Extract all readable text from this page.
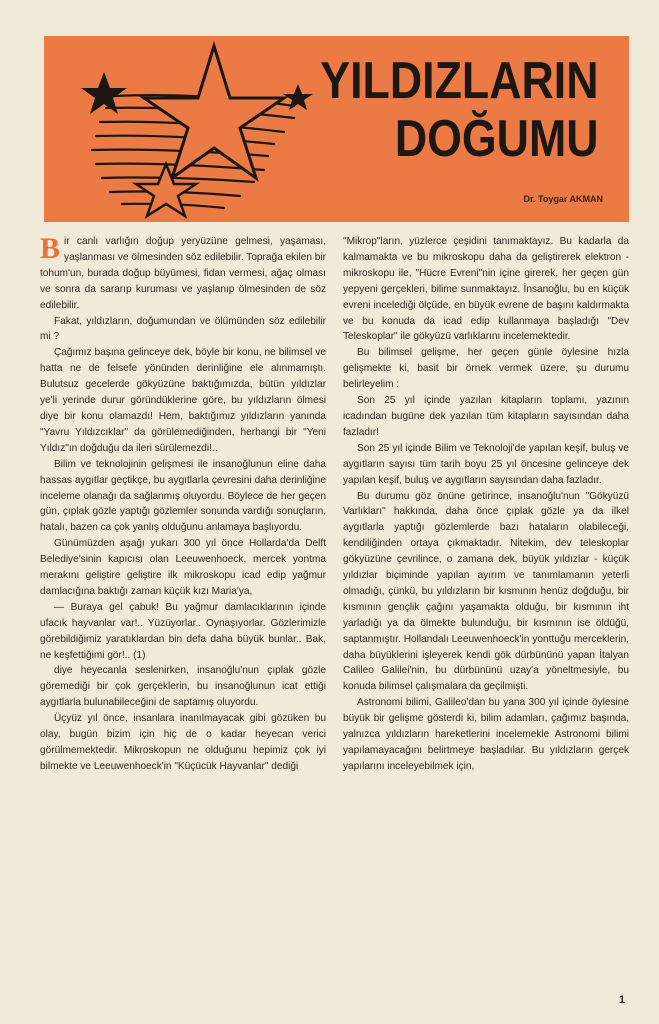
YILDIZLARIN
DOĞUMU
Dr. Toygar AKMAN

Bir canlı varlığın doğup yeryüzüne gelmesi, yaşaması, yaşlanması ve ölmesinden söz edilebilir. Toprağa ekilen bir tohum'un, burada doğup büyümesi, fidan vermesi, ağaç olması ve sonra da sararıp kuruması ve yaşlanıp ölmesinden de söz edilebilir.

Fakat, yıldızların, doğumundan ve ölümünden söz edilebilir mi ?

Çağımız başına gelinceye dek, böyle bir konu, ne bilimsel ve hatta ne de felsefe yönünden derinliğine ele alınmamıştı. Bulutsuz gecelerde gökyüzüne baktığımızda, bütün yıldızlar ye'li yerinde durur göründüklerine göre, bu yıldızların ölmesi diye bir konu olamazdı! Hem, baktığımız yıldızların yanında "Yavru Yıldızcıklar" da görülemediğinden, herhangi bir "Yeni Yıldız"ın doğduğu da ileri sürülemezdi!..

Bilim ve teknolojinin gelişmesi ile insanoğlunun eline daha hassas aygıtlar geçtikçe, bu aygıtlarla çevresini daha derinliğine inceleme olanağı da sağlanmış oluyordu. Böylece de her geçen gün, çıplak gözle yaptığı gözlemler sonunda vardığı sonuçların, hatalı, bazen ca çok yanlış olduğunu anlamaya başlıyordu.

Günümüzden aşağı yukarı 300 yıl önce Hollarda'da Delft Belediye'sinin kapıcısı olan Leeuwenhoeck, mercek yontma merakını geliştire geliştire ilk mikroskopu icad edip yağmur damlacığına baktığı zaman küçük kızı Maria'ya,

— Buraya gel çabuk! Bu yağmur damlacıklarının içinde ufacık hayvanlar var!.. Yüzüyorlar.. Oynaşıyorlar. Gözlerimizle görebildiğimiz yaratıklardan bin defa daha büyük bunlar.. Bak, ne keşfettiğimi gör!.. (1)

diye heyecanla seslenirken, insanoğlu'nun çıplak gözle göremediği bir çok gerçeklerin, bu insanoğlunun icat ettiği aygıtlarla bulunabileceğini de saptamış oluyordu.

Üçyüz yıl önce, insanlara inanılmayacak gibi gözüken bu olay, bugün bizim için hiç de o kadar heyecan verici görülmemektedir. Mikroskopun ne olduğunu hepimiz çok iyi bilmekte ve Leeuwenhoeck'in "Küçücük Hayvanlar" dediği

"Mikrop"ların, yüzlerce çeşidini tanımaktayız. Bu kadarla da kalmamakta ve bu mikroskopu daha da geliştirerek elektron - mikroskopu ile, "Hücre Evreni"nin içine girerek, her geçen gün yepyeni gerçekleri, bilime sunmaktayız. İnsanoğlu, bu en küçük evreni incelediği ölçüde, en büyük evrene de başını kaldırmakta ve bu konuda da icad edip kullanmaya başladığı "Dev Teleskoplar" ile gökyüzü varlıklarını incelemektedir.

Bu bilimsel gelişme, her geçen günle öylesine hızla gelişmekte ki, basit bir örnek vermek üzere, şu durumu belirleyelim :

Son 25 yıl içinde yazılan kitapların toplamı, yazının icadından bugüne dek yazılan tüm kitapların sayısından daha fazladır!

Son 25 yıl içinde Bilim ve Teknoloji'de yapılan keşif, buluş ve aygıtların sayısı tüm tarih boyu 25 yıl öncesine gelinceye dek yapılan keşif, buluş ve aygıtların sayısından daha fazladır.

Bu durumu göz önüne getirince, insanoğlu'nun "Gökyüzü Varlıkları" hakkında, daha önce çıplak gözle ya da ilkel aygıtlarla yaptığı gözlemlerde bazı hataların olabileceği, kendiliğinden ortaya çıkmaktadır. Nitekim, dev teleskoplar gökyüzüne çevrilince, o zamana dek, büyük yıldızlar - küçük yıldızlar biçiminde yapılan ayırım ve tanımlamanın yeterli olmadığı, çünkü, bu yıldızların bir kısmının henüz doğduğu, bir kısmının gençlik çağını yaşamakta olduğu, bir kısmının iht yarladığı ya da ölmekte bulunduğu, bir kısmının ise öldüğü, saptanmıştır. Hollandalı Leeuwenhoeck'in yonttuğu merceklerin, daha büyüklerini işleyerek kendi gök dürbününü yapan İtalyan Calileo Galilei'nin, bu dürbününü uzay'a yöneltmesiyle, bu konuda bilimsel çalışmalara da geçilmişti.

Astronomi bilimi, Galileo'dan bu yana 300 yıl içinde öylesine büyük bir gelişme gösterdi ki, bilim adamları, çağımız başında, yalnızca yıldızların hareketlerini incelemekle Astronomi bilimi yapılamayacağını belirtmeye başladılar. Bu yıldızların gerçek yapılarını inceleyebilmek için,

1
